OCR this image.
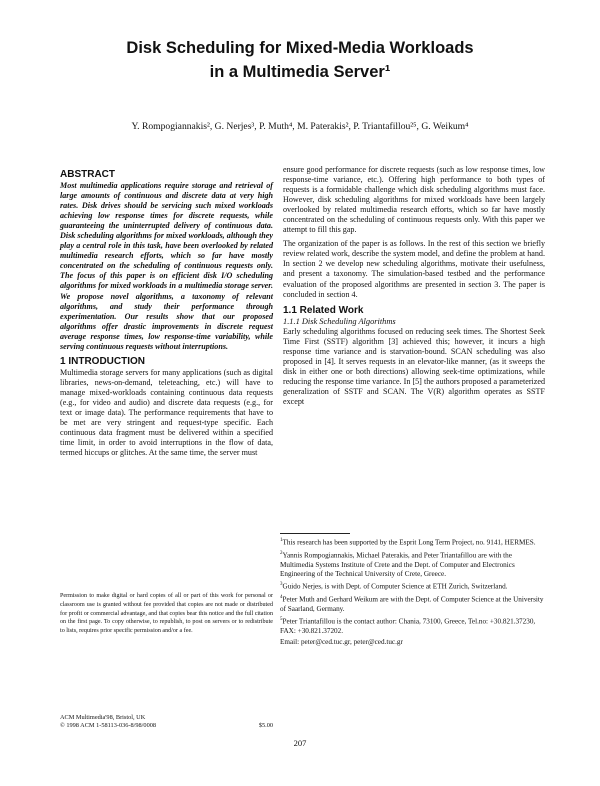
Disk Scheduling for Mixed-Media Workloads
in a Multimedia Server¹
Y. Rompogiannakis², G. Nerjes³, P. Muth⁴, M. Paterakis², P. Triantafillou²⁵, G. Weikum⁴
ABSTRACT

Most multimedia applications require storage and retrieval of large amounts of continuous and discrete data at very high rates. Disk drives should be servicing such mixed workloads achieving low response times for discrete requests, while guaranteeing the uninterrupted delivery of continuous data. Disk scheduling algorithms for mixed workloads, although they play a central role in this task, have been overlooked by related multimedia research efforts, which so far have mostly concentrated on the scheduling of continuous requests only. The focus of this paper is on efficient disk I/O scheduling algorithms for mixed workloads in a multimedia storage server. We propose novel algorithms, a taxonomy of relevant algorithms, and study their performance through experimentation. Our results show that our proposed algorithms offer drastic improvements in discrete request average response times, low response-time variability, while serving continuous requests without interruptions.

1 INTRODUCTION

Multimedia storage servers for many applications (such as digital libraries, news-on-demand, teleteaching, etc.) will have to manage mixed-workloads containing continuous data requests (e.g., for video and audio) and discrete data requests (e.g., for text or image data). The performance requirements that have to be met are very stringent and request-type specific. Each continuous data fragment must be delivered within a specified time limit, in order to avoid interruptions in the flow of data, termed hiccups or glitches. At the same time, the server must

Permission to make digital or hard copies of all or part of this work for personal or classroom use is granted without fee provided that copies are not made or distributed for profit or commercial advantage, and that copies bear this notice and the full citation on the first page. To copy otherwise, to republish, to post on servers or to redistribute to lists, requires prior specific permission and/or a fee.

ACM Multimedia'98, Bristol, UK
© 1998 ACM 1-58113-036-8/98/0008	$5.00

ensure good performance for discrete requests (such as low response times, low response-time variance, etc.). Offering high performance to both types of requests is a formidable challenge which disk scheduling algorithms must face. However, disk scheduling algorithms for mixed workloads have been largely overlooked by related multimedia research efforts, which so far have mostly concentrated on the scheduling of continuous requests only. With this paper we attempt to fill this gap.

The organization of the paper is as follows. In the rest of this section we briefly review related work, describe the system model, and define the problem at hand. In section 2 we develop new scheduling algorithms, motivate their usefulness, and present a taxonomy. The simulation-based testbed and the performance evaluation of the proposed algorithms are presented in section 3. The paper is concluded in section 4.

1.1 Related Work
1.1.1 Disk Scheduling Algorithms

Early scheduling algorithms focused on reducing seek times. The Shortest Seek Time First (SSTF) algorithm [3] achieved this; however, it incurs a high response time variance and is starvation-bound. SCAN scheduling was also proposed in [4]. It serves requests in an elevator-like manner, (as it sweeps the disk in either one or both directions) allowing seek-time optimizations, while reducing the response time variance. In [5] the authors proposed a parameterized generalization of SSTF and SCAN. The V(R) algorithm operates as SSTF except

$^1$This research has been supported by the Esprit Long Term Project, no. 9141, HERMES.

$^2$Yannis Rompogiannakis, Michael Paterakis, and Peter Triantafillou are with the Multimedia Systems Institute of Crete and the Dept. of Computer and Electronics Engineering of the Technical University of Crete, Greece.

$^3$Guido Nerjes, is with Dept. of Computer Science at ETH Zurich, Switzerland.

$^4$Peter Muth and Gerhard Weikum are with the Dept. of Computer Science at the University of Saarland, Germany.

$^5$Peter Triantafillou is the contact author: Chania, 73100, Greece, Tel.no: +30.821.37230, FAX: +30.821.37202.

Email: peter@ced.tuc.gr, peter@ced.tuc.gr

207
